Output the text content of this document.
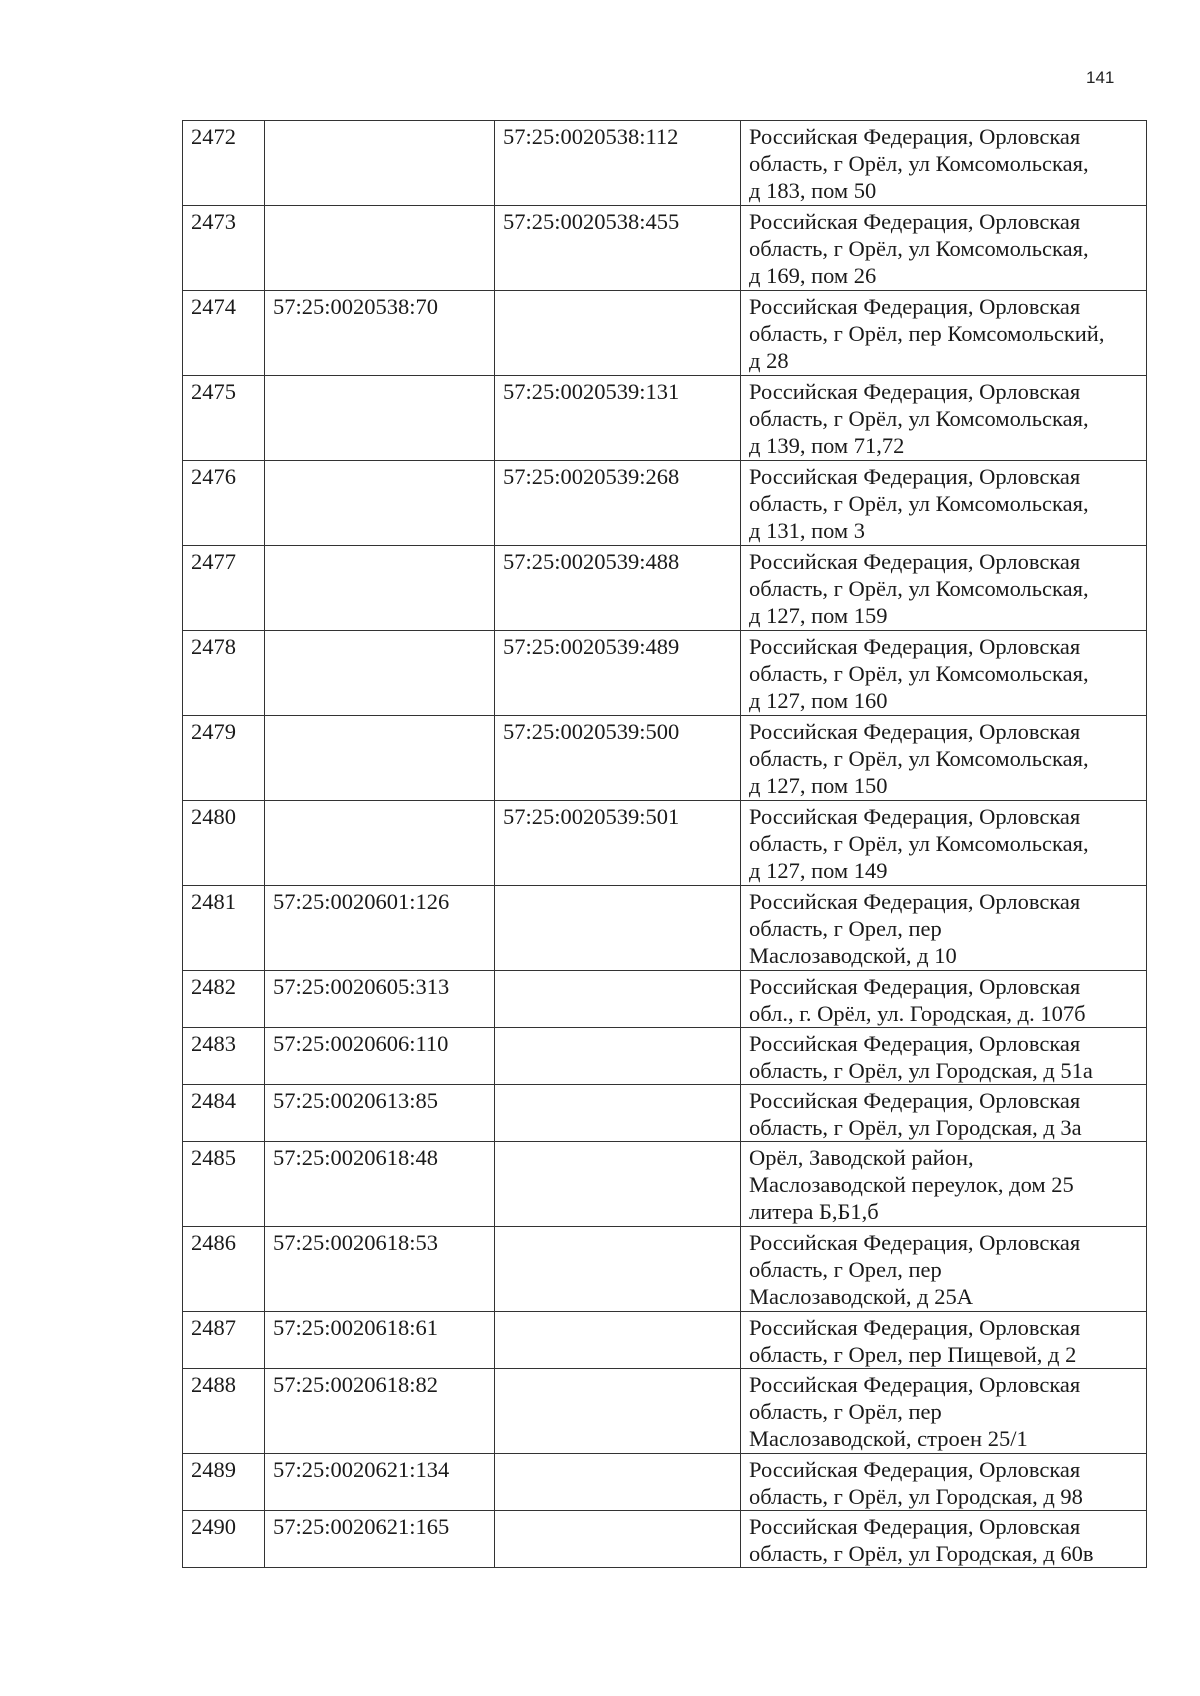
141
2472		57:25:0020538:112	Российская Федерация, Орловская
область, г Орёл, ул Комсомольская,
д 183, пом 50
2473		57:25:0020538:455	Российская Федерация, Орловская
область, г Орёл, ул Комсомольская,
д 169, пом 26
2474	57:25:0020538:70		Российская Федерация, Орловская
область, г Орёл, пер Комсомольский,
д 28
2475		57:25:0020539:131	Российская Федерация, Орловская
область, г Орёл, ул Комсомольская,
д 139, пом 71,72
2476		57:25:0020539:268	Российская Федерация, Орловская
область, г Орёл, ул Комсомольская,
д 131, пом 3
2477		57:25:0020539:488	Российская Федерация, Орловская
область, г Орёл, ул Комсомольская,
д 127, пом 159
2478		57:25:0020539:489	Российская Федерация, Орловская
область, г Орёл, ул Комсомольская,
д 127, пом 160
2479		57:25:0020539:500	Российская Федерация, Орловская
область, г Орёл, ул Комсомольская,
д 127, пом 150
2480		57:25:0020539:501	Российская Федерация, Орловская
область, г Орёл, ул Комсомольская,
д 127, пом 149
2481	57:25:0020601:126		Российская Федерация, Орловская
область, г Орел, пер
Маслозаводской, д 10
2482	57:25:0020605:313		Российская Федерация, Орловская
обл., г. Орёл, ул. Городская, д. 107б
2483	57:25:0020606:110		Российская Федерация, Орловская
область, г Орёл, ул Городская, д 51а
2484	57:25:0020613:85		Российская Федерация, Орловская
область, г Орёл, ул Городская, д 3а
2485	57:25:0020618:48		Орёл, Заводской район,
Маслозаводской переулок, дом 25
литера Б,Б1,б
2486	57:25:0020618:53		Российская Федерация, Орловская
область, г Орел, пер
Маслозаводской, д 25А
2487	57:25:0020618:61		Российская Федерация, Орловская
область, г Орел, пер Пищевой, д 2
2488	57:25:0020618:82		Российская Федерация, Орловская
область, г Орёл, пер
Маслозаводской, строен 25/1
2489	57:25:0020621:134		Российская Федерация, Орловская
область, г Орёл, ул Городская, д 98
2490	57:25:0020621:165		Российская Федерация, Орловская
область, г Орёл, ул Городская, д 60в
